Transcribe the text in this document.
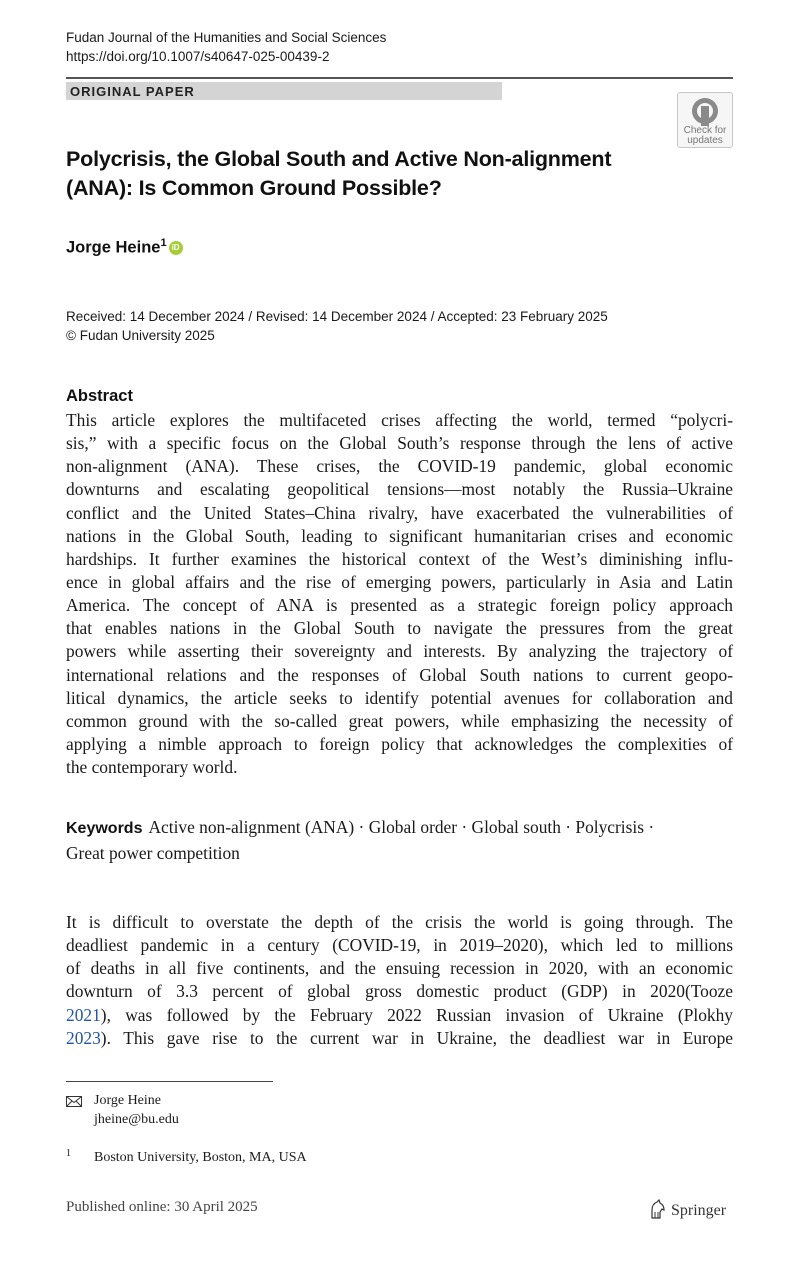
Fudan Journal of the Humanities and Social Sciences
https://doi.org/10.1007/s40647-025-00439-2
ORIGINAL PAPER
Check for
updates
Polycrisis, the Global South and Active Non-alignment
(ANA): Is Common Ground Possible?
Jorge Heine$^1$ iD
Received: 14 December 2024 / Revised: 14 December 2024 / Accepted: 23 February 2025
© Fudan University 2025
Abstract
This article explores the multifaceted crises affecting the world, termed “polycri-
sis,” with a specific focus on the Global South’s response through the lens of active
non-alignment (ANA). These crises, the COVID-19 pandemic, global economic
downturns and escalating geopolitical tensions—most notably the Russia–Ukraine
conflict and the United States–China rivalry, have exacerbated the vulnerabilities of
nations in the Global South, leading to significant humanitarian crises and economic
hardships. It further examines the historical context of the West’s diminishing influ-
ence in global affairs and the rise of emerging powers, particularly in Asia and Latin
America. The concept of ANA is presented as a strategic foreign policy approach
that enables nations in the Global South to navigate the pressures from the great
powers while asserting their sovereignty and interests. By analyzing the trajectory of
international relations and the responses of Global South nations to current geopo-
litical dynamics, the article seeks to identify potential avenues for collaboration and
common ground with the so-called great powers, while emphasizing the necessity of
applying a nimble approach to foreign policy that acknowledges the complexities of
the contemporary world.
Keywords Active non-alignment (ANA) · Global order · Global south · Polycrisis ·
Great power competition
It is difficult to overstate the depth of the crisis the world is going through. The
deadliest pandemic in a century (COVID-19, in 2019–2020), which led to millions
of deaths in all five continents, and the ensuing recession in 2020, with an economic
downturn of 3.3 percent of global gross domestic product (GDP) in 2020(Tooze
2021), was followed by the February 2022 Russian invasion of Ukraine (Plokhy
2023). This gave rise to the current war in Ukraine, the deadliest war in Europe
Jorge Heine
jheine@bu.edu
1 Boston University, Boston, MA, USA
Published online: 30 April 2025	Springer
